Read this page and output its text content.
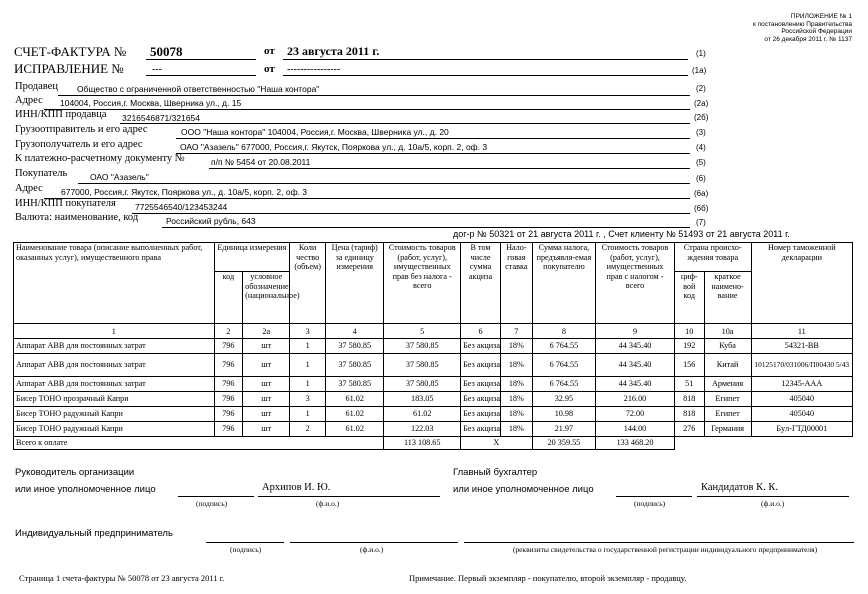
ПРИЛОЖЕНИЕ № 1
к постановлению Правительства
Российской Федерации
от 26 декабря 2011 г. № 1137
СЧЕТ-ФАКТУРА № 50078	от 23 августа 2011 г.	(1)
ИСПРАВЛЕНИЕ №	---	от ----------------	(1а)
Продавец Общество с ограниченной ответственностью "Наша контора"	(2)
Адрес 104004, Россия,г. Москва, Шверника ул., д. 15	(2а)
ИНН/КПП продавца 3216546871/321654	(2б)
Грузоотправитель и его адрес	ООО "Наша контора" 104004, Россия,г. Москва, Шверника ул., д. 20	(3)
Грузополучатель и его адрес	ОАО "Азазель" 677000, Россия,г. Якутск, Пояркова ул., д. 10а/5, корп. 2, оф. 3	(4)
К платежно-расчетному документу №	п/п № 5454 от 20.08.2011	(5)
Покупатель	ОАО "Азазель"	(6)
Адрес 677000, Россия,г. Якутск, Пояркова ул., д. 10а/5, корп. 2, оф. 3	(6а)
ИНН/КПП покупателя 7725546540/123453244	(6б)
Валюта: наименование, код	Российский рубль, 643	(7)
дог-р № 50321 от 21 августа 2011 г. , Счет клиенту № 51493 от 21 августа 2011 г.
Наименование товара (описание выполненных работ, оказанных услуг), имущественного права	Единица измерения		Коли чество (объем)	Цена (тариф) за единицу измерения	Стоимость товаров (работ, услуг), имущественных прав без налога - всего	В том числе сумма акциза	Нало-говая ставка	Сумма налога, предъявля-емая покупателю	Стоимость товаров (работ, услуг), имущественных прав с налогом - всего	Страна происхо-ждения товара		Номер таможенной декларации
	код	условное обозначение (национальное)								циф-вой код	краткое наимено-вание	
1	2	2а	3	4	5	6	7	8	9	10	10а	11
Аппарат АВВ для постоянных затрат	796	шт	1	37 580.85	37 580.85	Без акциза	18%	6 764.55	44 345.40	192	Куба	54321-ВВ
Аппарат АВВ для постоянных затрат	796	шт	1	37 580.85	37 580.85	Без акциза	18%	6 764.55	44 345.40	156	Китай	10125170/031006/П00430 5/43
Аппарат АВВ для постоянных затрат	796	шт	1	37 580.85	37 580.85	Без акциза	18%	6 764.55	44 345.40	51	Армения	12345-ААА
Бисер ТОНО прозрачный Капри	796	шт	3	61.02	183.05	Без акциза	18%	32.95	216.00	818	Египет	405040
Бисер ТОНО радужный Капри	796	шт	1	61.02	61.02	Без акциза	18%	10.98	72.00	818	Египет	405040
Бисер ТОНО радужный Капри	796	шт	2	61.02	122.03	Без акциза	18%	21.97	144.00	276	Германия	Бyл-ГТД00001
Всего к оплате					113 108.65	Х		20 359.55	133 468.20			
Руководитель организации
или иное уполномоченное лицо	Архипов И. Ю.
(подпись)	(ф.и.о.)
Главный бухгалтер
или иное уполномоченное лицо	Кандидатов К. К.
(подпись)	(ф.и.о.)
Индивидуальный предприниматель
(подпись)	(ф.и.о.)	(реквизиты свидетельства о государственной регистрации индивидуального предпринимателя)
Страница 1 счета-фактуры № 50078 от 23 августа 2011 г.	Примечание. Первый экземпляр - покупателю, второй экземпляр - продавцу.
